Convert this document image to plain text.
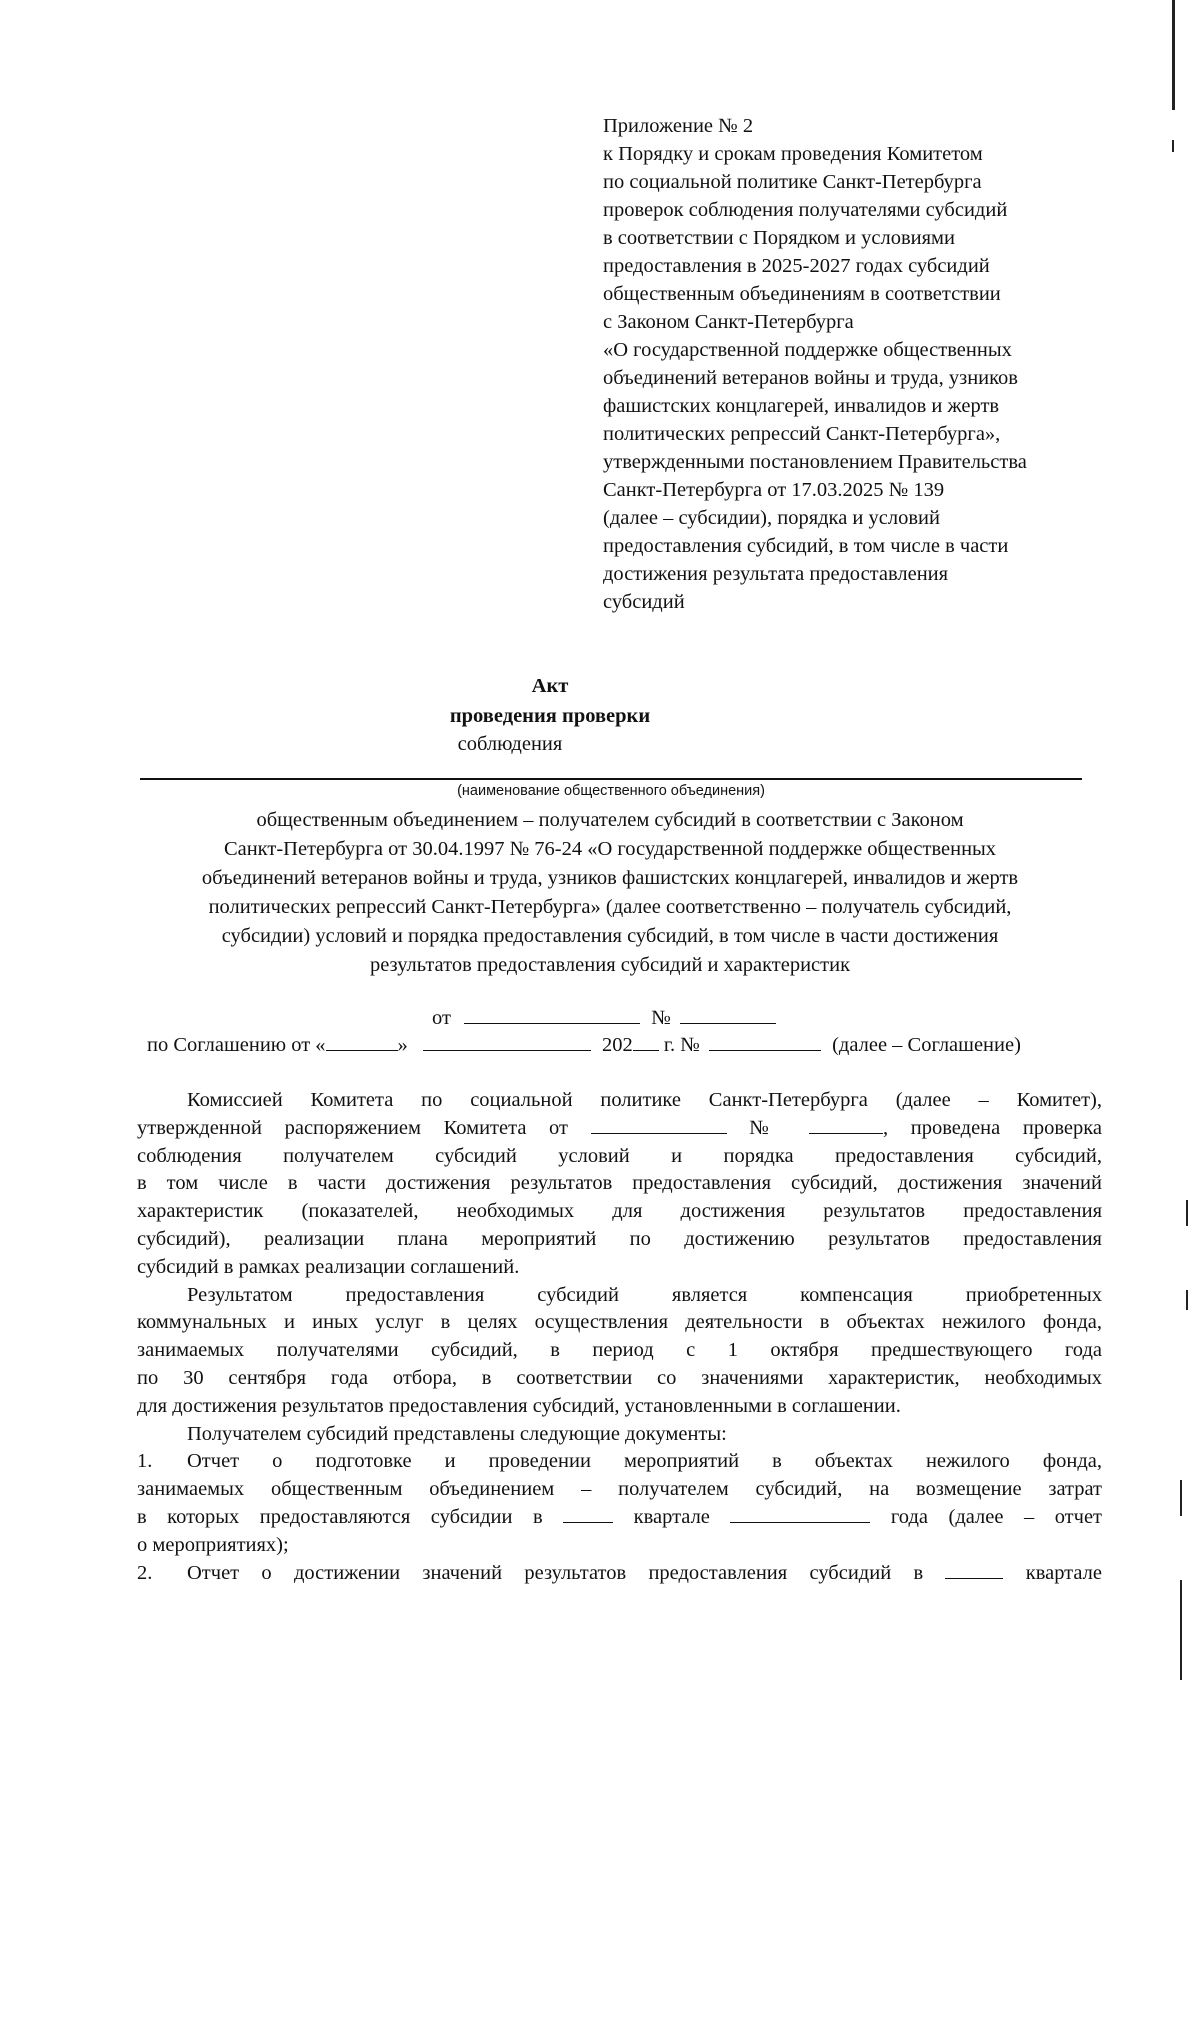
Приложение № 2
к Порядку и срокам проведения Комитетом
по социальной политике Санкт-Петербурга
проверок соблюдения получателями субсидий
в соответствии с Порядком и условиями
предоставления в 2025-2027 годах субсидий
общественным объединениям в соответствии
с Законом Санкт-Петербурга
«О государственной поддержке общественных
объединений ветеранов войны и труда, узников
фашистских концлагерей, инвалидов и жертв
политических репрессий Санкт-Петербурга»,
утвержденными постановлением Правительства
Санкт-Петербурга от 17.03.2025 № 139
(далее – субсидии), порядка и условий
предоставления субсидий, в том числе в части
достижения результата предоставления
субсидий
Акт
проведения проверки
соблюдения
(наименование общественного объединения)
общественным объединением – получателем субсидий в соответствии с Законом
Санкт-Петербурга от 30.04.1997 № 76-24 «О государственной поддержке общественных
объединений ветеранов войны и труда, узников фашистских концлагерей, инвалидов и жертв
политических репрессий Санкт-Петербурга» (далее соответственно – получатель субсидий,
субсидии) условий и порядка предоставления субсидий, в том числе в части достижения
результатов предоставления субсидий и характеристик
от	№
по Соглашению от «	»	202 г. №	(далее – Соглашение)
Комиссией Комитета по социальной политике Санкт-Петербурга (далее – Комитет),
утвержденной распоряжением Комитета от	№	, проведена проверка
соблюдения получателем субсидий условий и порядка предоставления субсидий,
в том числе в части достижения результатов предоставления субсидий, достижения значений
характеристик (показателей, необходимых для достижения результатов предоставления
субсидий), реализации плана мероприятий по достижению результатов предоставления
субсидий в рамках реализации соглашений.
Результатом предоставления субсидий является компенсация приобретенных
коммунальных и иных услуг в целях осуществления деятельности в объектах нежилого фонда,
занимаемых получателями субсидий, в период с 1 октября предшествующего года
по 30 сентября года отбора, в соответствии со значениями характеристик, необходимых
для достижения результатов предоставления субсидий, установленными в соглашении.
Получателем субсидий представлены следующие документы:
1.	Отчет о подготовке и проведении мероприятий в объектах нежилого фонда,
занимаемых общественным объединением – получателем субсидий, на возмещение затрат
в которых предоставляются субсидии в	квартале	года (далее – отчет
о мероприятиях);
2.	Отчет о достижении значений результатов предоставления субсидий в	квартале
